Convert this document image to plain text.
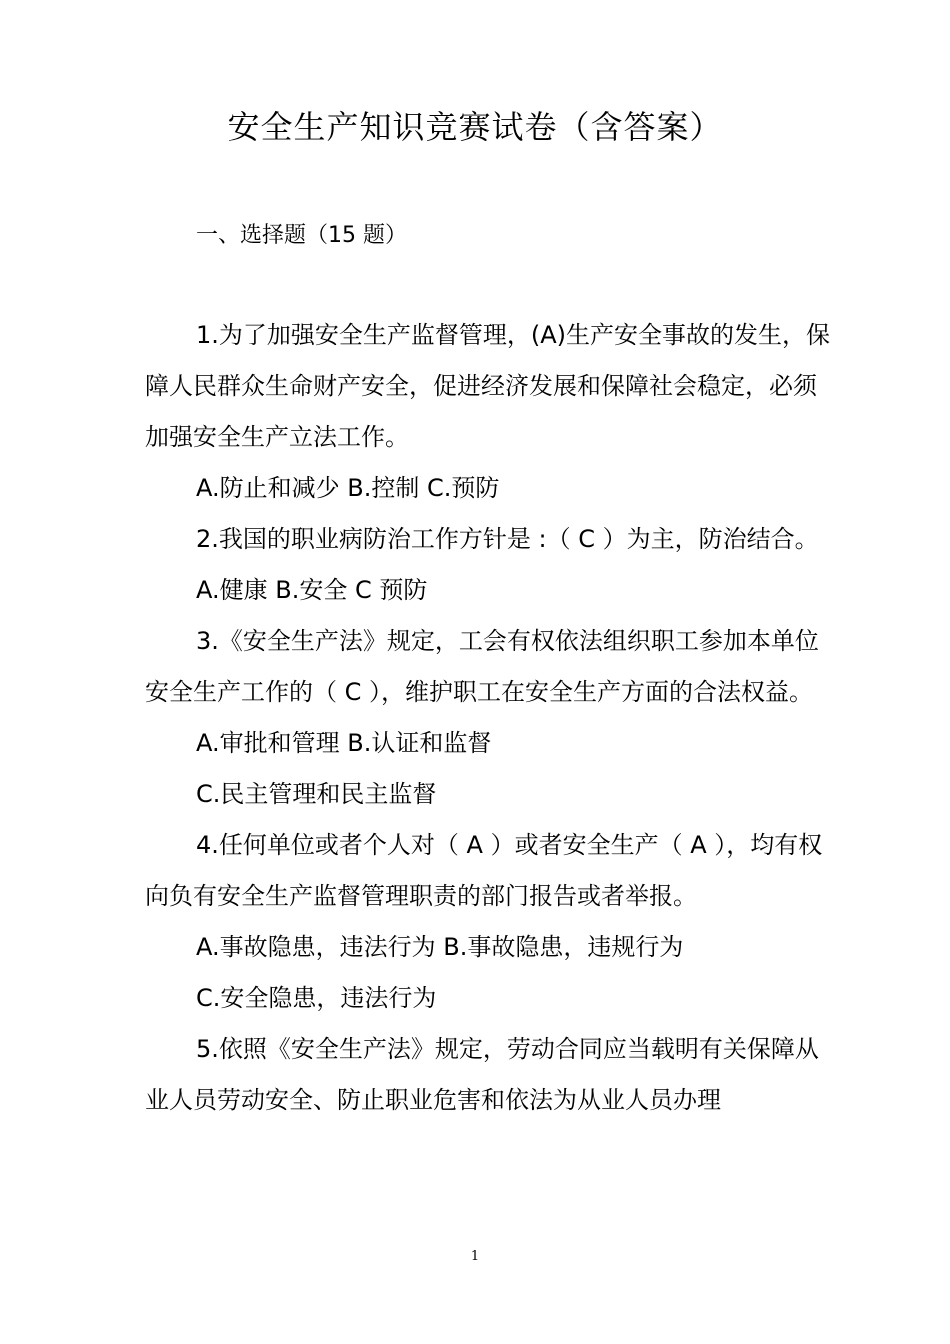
安全生产知识竞赛试卷（含答案）
一、选择题（15 题）

1.为了加强安全生产监督管理，(A)生产安全事故的发生，保障人民群众生命财产安全，促进经济发展和保障社会稳定，必须加强安全生产立法工作。

A.防止和减少 B.控制 C.预防

2.我国的职业病防治工作方针是 :（ C ）为主，防治结合。

A.健康 B.安全 C 预防

3.《安全生产法》规定，工会有权依法组织职工参加本单位安全生产工作的（ C ），维护职工在安全生产方面的合法权益。

A.审批和管理 B.认证和监督

C.民主管理和民主监督

4.任何单位或者个人对（ A ）或者安全生产（ A ），均有权向负有安全生产监督管理职责的部门报告或者举报。

A.事故隐患，违法行为 B.事故隐患，违规行为

C.安全隐患，违法行为

5.依照《安全生产法》规定，劳动合同应当载明有关保障从业人员劳动安全、防止职业危害和依法为从业人员办理

1
